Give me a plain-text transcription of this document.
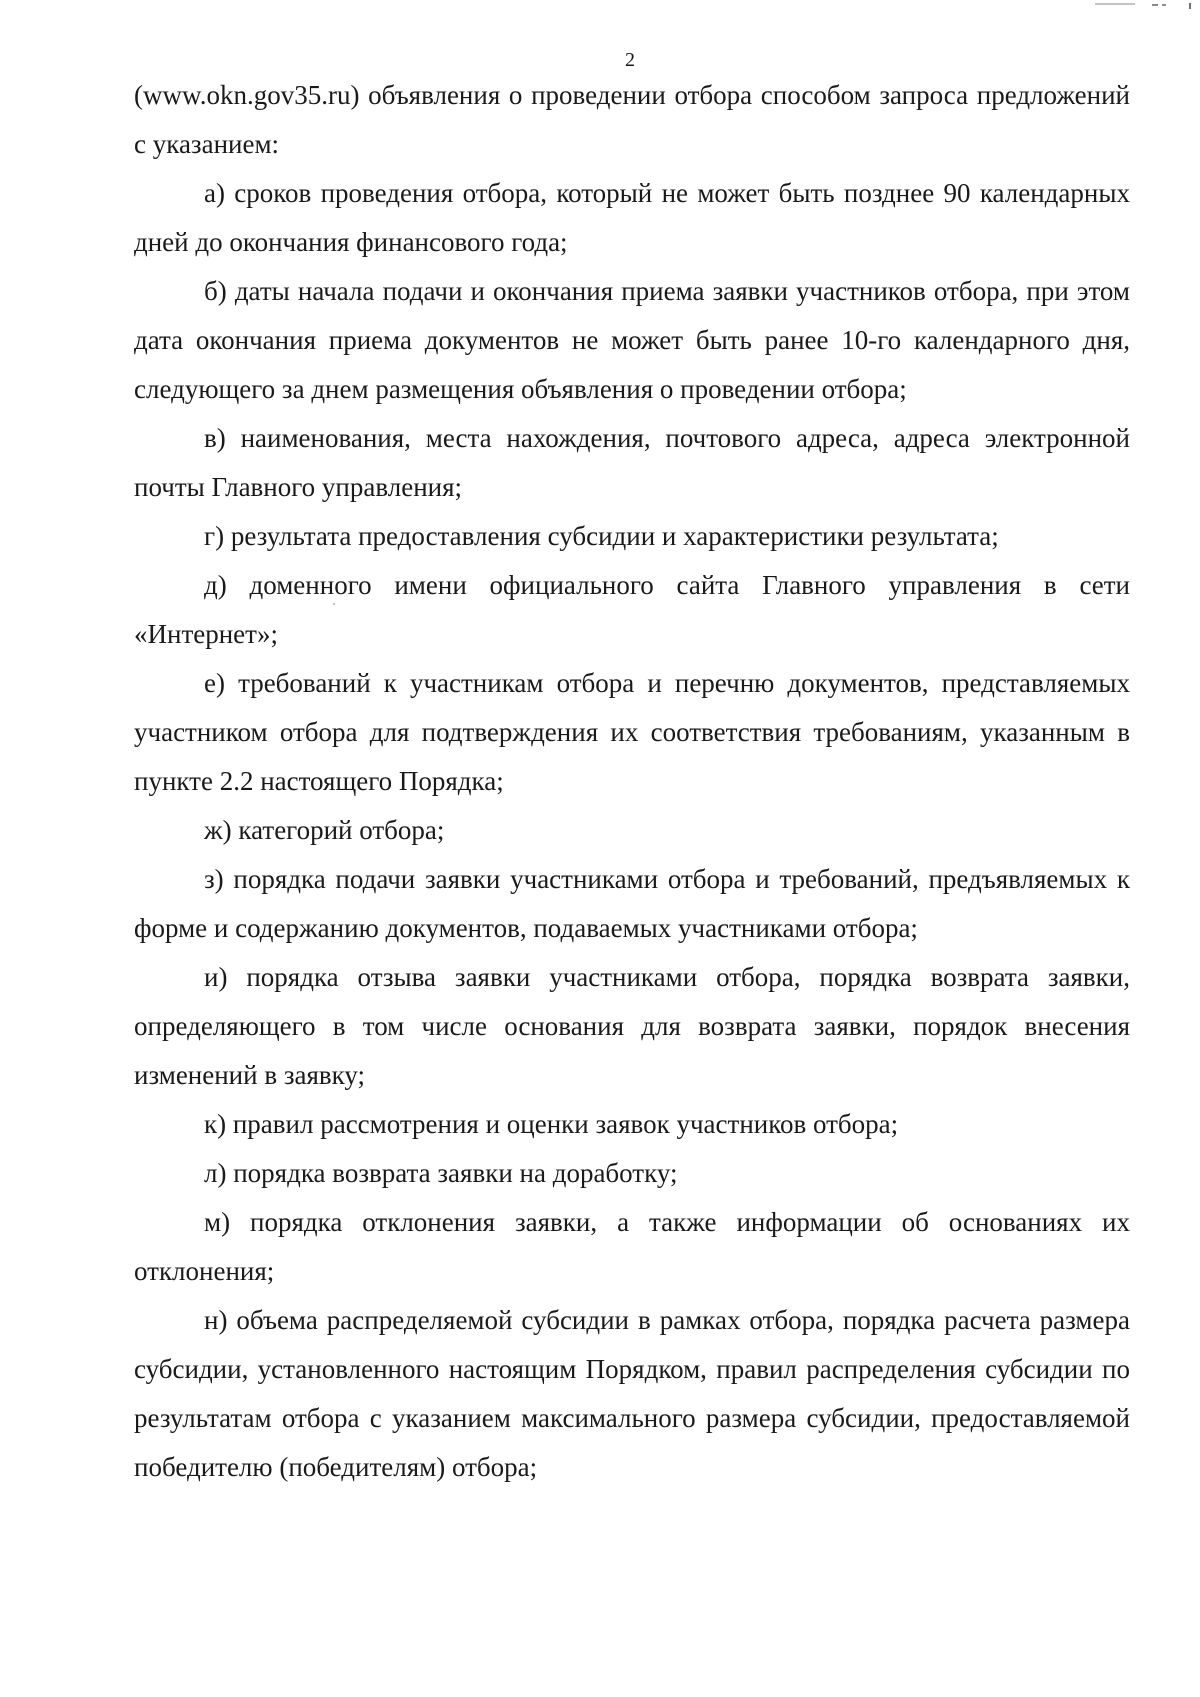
2

(www.okn.gov35.ru) объявления о проведении отбора способом запроса предложений с указанием:

а) сроков проведения отбора, который не может быть позднее 90 календарных дней до окончания финансового года;

б) даты начала подачи и окончания приема заявки участников отбора, при этом дата окончания приема документов не может быть ранее 10-го календарного дня, следующего за днем размещения объявления о проведении отбора;

в) наименования, места нахождения, почтового адреса, адреса электронной почты Главного управления;

г) результата предоставления субсидии и характеристики результата;

д) доменного имени официального сайта Главного управления в сети «Интернет»;

е) требований к участникам отбора и перечню документов, представляемых участником отбора для подтверждения их соответствия требованиям, указанным в пункте 2.2 настоящего Порядка;

ж) категорий отбора;

з) порядка подачи заявки участниками отбора и требований, предъявляемых к форме и содержанию документов, подаваемых участниками отбора;

и) порядка отзыва заявки участниками отбора, порядка возврата заявки, определяющего в том числе основания для возврата заявки, порядок внесения изменений в заявку;

к) правил рассмотрения и оценки заявок участников отбора;

л) порядка возврата заявки на доработку;

м) порядка отклонения заявки, а также информации об основаниях их отклонения;

н) объема распределяемой субсидии в рамках отбора, порядка расчета размера субсидии, установленного настоящим Порядком, правил распределения субсидии по результатам отбора с указанием максимального размера субсидии, предоставляемой победителю (победителям) отбора;
